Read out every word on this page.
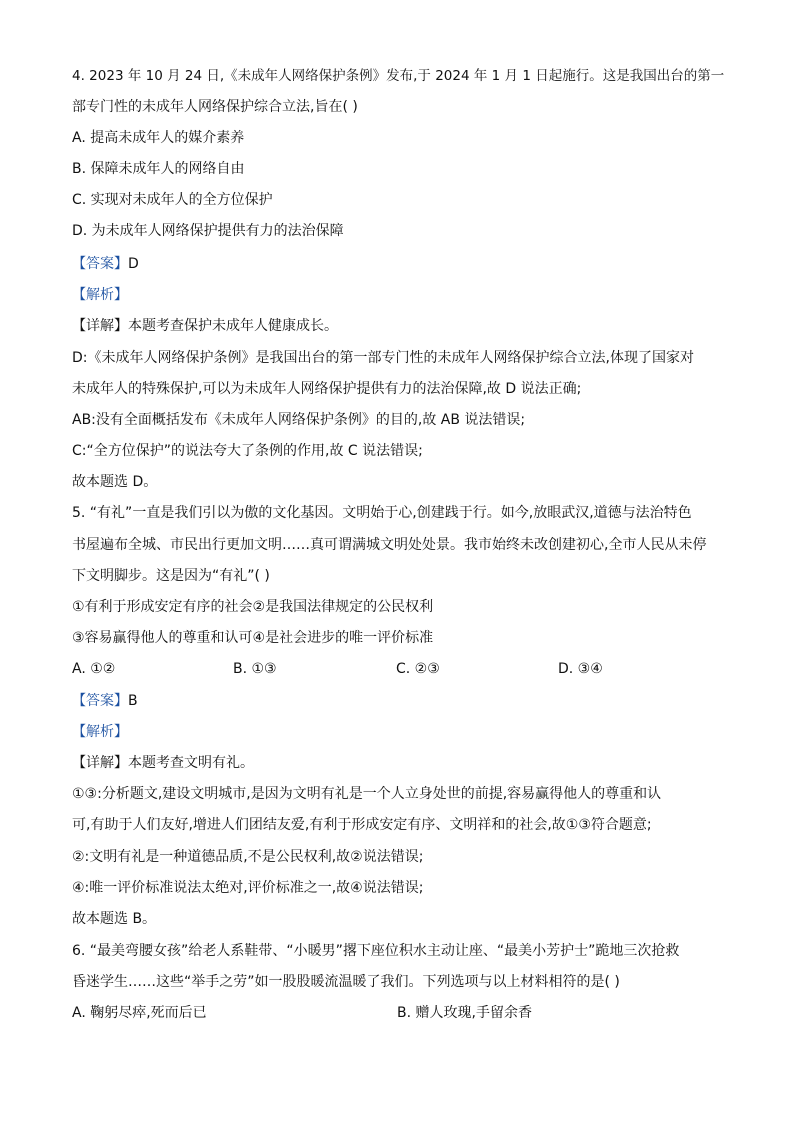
4. 2023 年 10 月 24 日,《未成年人网络保护条例》发布,于 2024 年 1 月 1 日起施行。这是我国出台的第一
部专门性的未成年人网络保护综合立法,旨在( )
A. 提高未成年人的媒介素养
B. 保障未成年人的网络自由
C. 实现对未成年人的全方位保护
D. 为未成年人网络保护提供有力的法治保障
【答案】D
【解析】
【详解】本题考查保护未成年人健康成长。
D:《未成年人网络保护条例》是我国出台的第一部专门性的未成年人网络保护综合立法,体现了国家对
未成年人的特殊保护,可以为未成年人网络保护提供有力的法治保障,故 D 说法正确;
AB:没有全面概括发布《未成年人网络保护条例》的目的,故 AB 说法错误;
C:“全方位保护”的说法夸大了条例的作用,故 C 说法错误;
故本题选 D。
5. “有礼”一直是我们引以为傲的文化基因。文明始于心,创建践于行。如今,放眼武汉,道德与法治特色
书屋遍布全城、市民出行更加文明……真可谓满城文明处处景。我市始终未改创建初心,全市人民从未停
下文明脚步。这是因为“有礼”( )
①有利于形成安定有序的社会②是我国法律规定的公民权利
③容易赢得他人的尊重和认可④是社会进步的唯一评价标准
A. ①②	B. ①③	C. ②③	D. ③④
【答案】B
【解析】
【详解】本题考查文明有礼。
①③:分析题文,建设文明城市,是因为文明有礼是一个人立身处世的前提,容易赢得他人的尊重和认
可,有助于人们友好,增进人们团结友爱,有利于形成安定有序、文明祥和的社会,故①③符合题意;
②:文明有礼是一种道德品质,不是公民权利,故②说法错误;
④:唯一评价标准说法太绝对,评价标准之一,故④说法错误;
故本题选 B。
6. “最美弯腰女孩”给老人系鞋带、“小暖男”撂下座位积水主动让座、“最美小芳护士”跪地三次抢救
昏迷学生……这些“举手之劳”如一股股暖流温暖了我们。下列选项与以上材料相符的是( )
A. 鞠躬尽瘁,死而后已	B. 赠人玫瑰,手留余香
